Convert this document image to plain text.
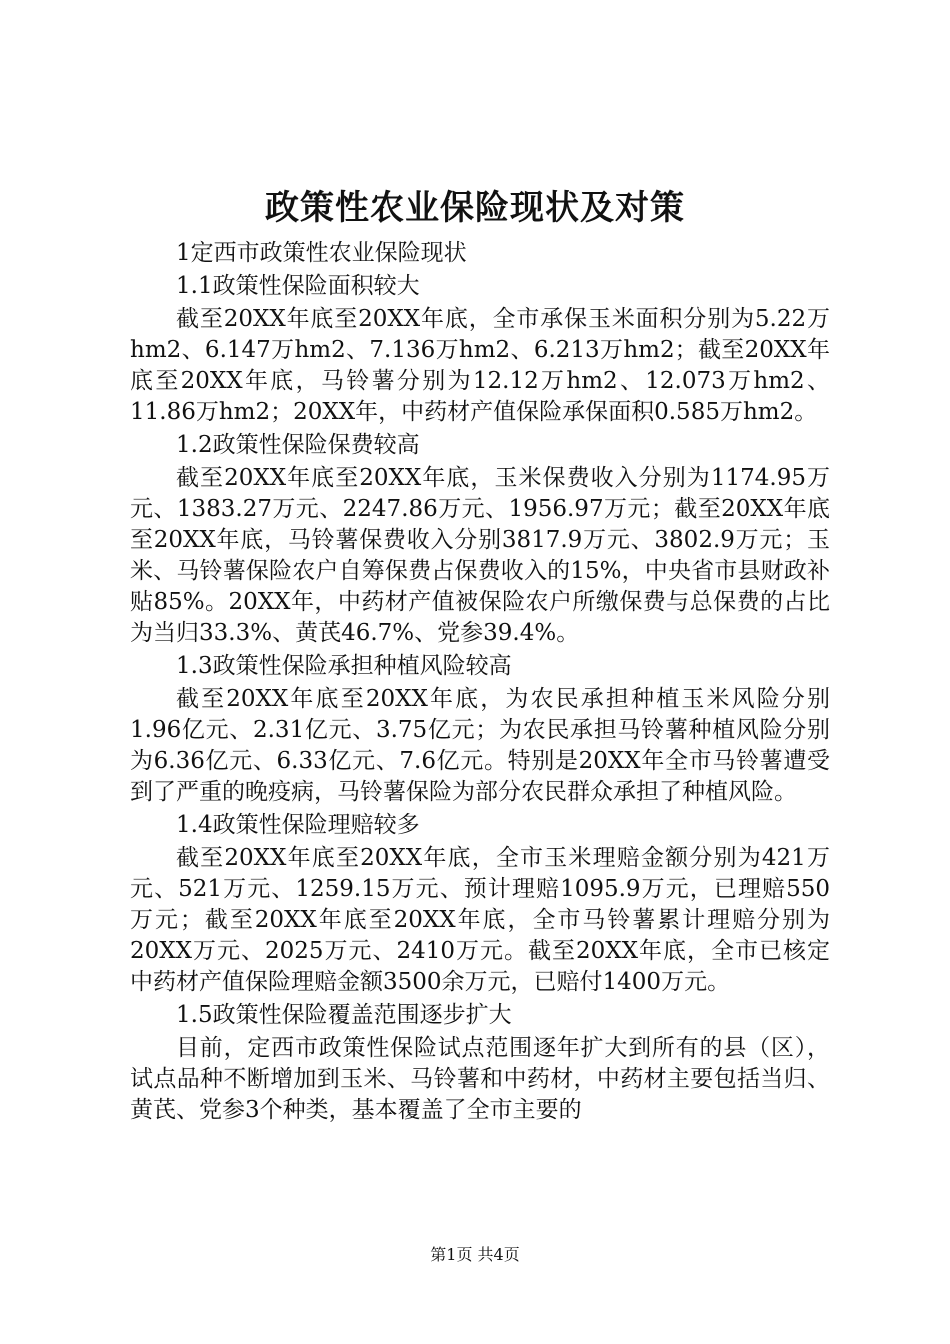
政策性农业保险现状及对策
1定西市政策性农业保险现状
1.1政策性保险面积较大
截至20XX年底至20XX年底，全市承保玉米面积分别为5.22万hm2、6.147万hm2、7.136万hm2、6.213万hm2；截至20XX年底至20XX年底，马铃薯分别为12.12万hm2、12.073万hm2、11.86万hm2；20XX年，中药材产值保险承保面积0.585万hm2。
1.2政策性保险保费较高
截至20XX年底至20XX年底，玉米保费收入分别为1174.95万元、1383.27万元、2247.86万元、1956.97万元；截至20XX年底至20XX年底，马铃薯保费收入分别3817.9万元、3802.9万元；玉米、马铃薯保险农户自筹保费占保费收入的15%，中央省市县财政补贴85%。20XX年，中药材产值被保险农户所缴保费与总保费的占比为当归33.3%、黄芪46.7%、党参39.4%。
1.3政策性保险承担种植风险较高
截至20XX年底至20XX年底，为农民承担种植玉米风险分别1.96亿元、2.31亿元、3.75亿元；为农民承担马铃薯种植风险分别为6.36亿元、6.33亿元、7.6亿元。特别是20XX年全市马铃薯遭受到了严重的晚疫病，马铃薯保险为部分农民群众承担了种植风险。
1.4政策性保险理赔较多
截至20XX年底至20XX年底，全市玉米理赔金额分别为421万元、521万元、1259.15万元、预计理赔1095.9万元，已理赔550万元；截至20XX年底至20XX年底，全市马铃薯累计理赔分别为20XX万元、2025万元、2410万元。截至20XX年底，全市已核定中药材产值保险理赔金额3500余万元，已赔付1400万元。
1.5政策性保险覆盖范围逐步扩大
目前，定西市政策性保险试点范围逐年扩大到所有的县（区），试点品种不断增加到玉米、马铃薯和中药材，中药材主要包括当归、黄芪、党参3个种类，基本覆盖了全市主要的
第1页 共4页
